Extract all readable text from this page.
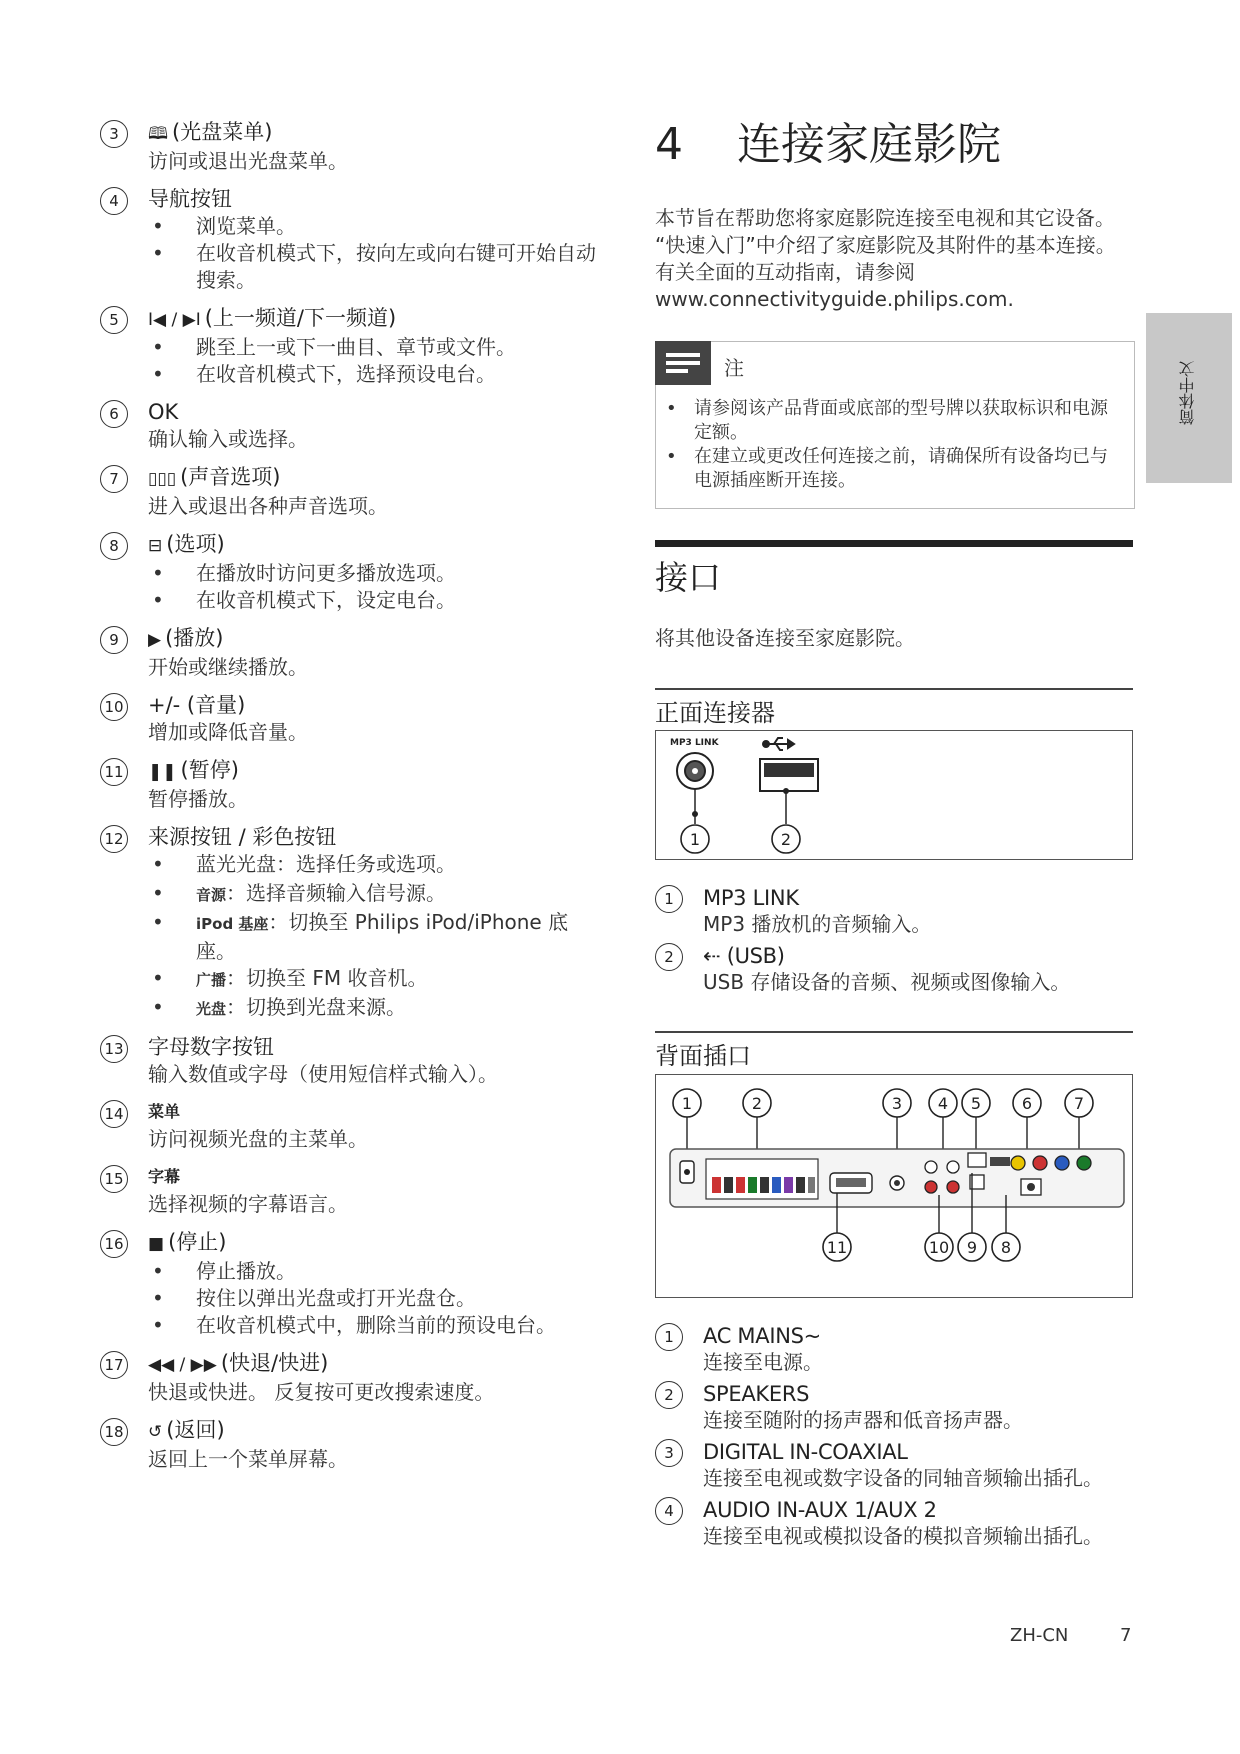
3	🕮 (光盘菜单)
访问或退出光盘菜单。
4	导航按钮
• 浏览菜单。
• 在收音机模式下，按向左或向右键可开始自动搜索。
5	I◀ / ▶I (上一频道/下一频道)
• 跳至上一或下一曲目、章节或文件。
• 在收音机模式下，选择预设电台。
6	OK
确认输入或选择。
7	▯▯▯ (声音选项)
进入或退出各种声音选项。
8	⊟ (选项)
• 在播放时访问更多播放选项。
• 在收音机模式下，设定电台。
9	▶ (播放)
开始或继续播放。
10 +/- (音量)
增加或降低音量。
11 ❚❚ (暂停)
暂停播放。
12 来源按钮 / 彩色按钮
• 蓝光光盘：选择任务或选项。
• 音源：选择音频输入信号源。
• iPod 基座：切换至 Philips iPod/iPhone 底座。
• 广播：切换至 FM 收音机。
• 光盘：切换到光盘来源。
13 字母数字按钮
输入数值或字母（使用短信样式输入）。
14 菜单
访问视频光盘的主菜单。
15 字幕
选择视频的字幕语言。
16 ■ (停止)
• 停止播放。
• 按住以弹出光盘或打开光盘仓。
• 在收音机模式中，删除当前的预设电台。
17 ◀◀ / ▶▶ (快退/快进)
快退或快进。 反复按可更改搜索速度。
18 ↺ (返回)
返回上一个菜单屏幕。
4 连接家庭影院
本节旨在帮助您将家庭影院连接至电视和其它设备。 “快速入门”中介绍了家庭影院及其附件的基本连接。 有关全面的互动指南，请参阅 www.connectivityguide.philips.com.
注
• 请参阅该产品背面或底部的型号牌以获取标识和电源定额。
• 在建立或更改任何连接之前，请确保所有设备均已与电源插座断开连接。
接口
将其他设备连接至家庭影院。
正面连接器
MP3 LINK
1	2
1	MP3 LINK
MP3 播放机的音频输入。
2	⇠ (USB)
USB 存储设备的音频、视频或图像输入。
背面插口
1	2	3 4 5	6	7
11	10 9 8
1	AC MAINS~
连接至电源。
2	SPEAKERS
连接至随附的扬声器和低音扬声器。
3	DIGITAL IN-COAXIAL
连接至电视或数字设备的同轴音频输出插孔。
4	AUDIO IN-AUX 1/AUX 2
连接至电视或模拟设备的模拟音频输出插孔。
简体中文
ZH-CN	7
